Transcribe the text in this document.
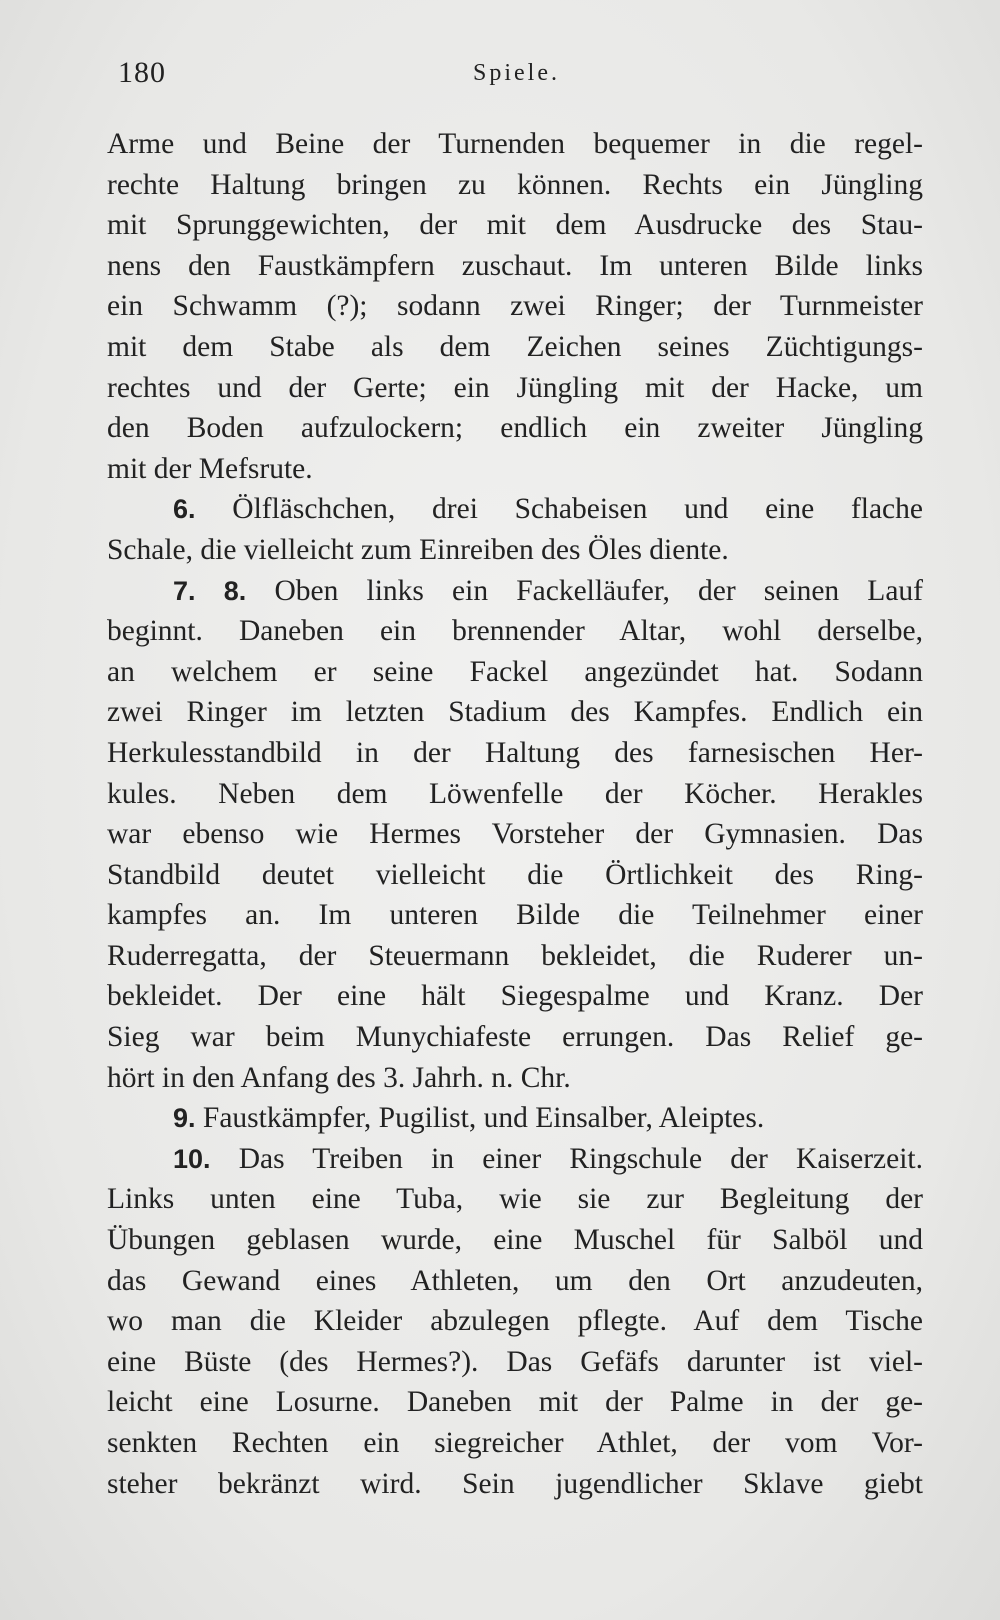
180	Spiele.
Arme und Beine der Turnenden bequemer in die regel-
rechte Haltung bringen zu können. Rechts ein Jüngling
mit Sprunggewichten, der mit dem Ausdrucke des Stau-
nens den Faustkämpfern zuschaut. Im unteren Bilde links
ein Schwamm (?); sodann zwei Ringer; der Turnmeister
mit dem Stabe als dem Zeichen seines Züchtigungs-
rechtes und der Gerte; ein Jüngling mit der Hacke, um
den Boden aufzulockern; endlich ein zweiter Jüngling
mit der Mefsrute.
6. Ölfläschchen, drei Schabeisen und eine flache
Schale, die vielleicht zum Einreiben des Öles diente.
7. 8. Oben links ein Fackelläufer, der seinen Lauf
beginnt. Daneben ein brennender Altar, wohl derselbe,
an welchem er seine Fackel angezündet hat. Sodann
zwei Ringer im letzten Stadium des Kampfes. Endlich ein
Herkulesstandbild in der Haltung des farnesischen Her-
kules. Neben dem Löwenfelle der Köcher. Herakles
war ebenso wie Hermes Vorsteher der Gymnasien. Das
Standbild deutet vielleicht die Örtlichkeit des Ring-
kampfes an. Im unteren Bilde die Teilnehmer einer
Ruderregatta, der Steuermann bekleidet, die Ruderer un-
bekleidet. Der eine hält Siegespalme und Kranz. Der
Sieg war beim Munychiafeste errungen. Das Relief ge-
hört in den Anfang des 3. Jahrh. n. Chr.
9. Faustkämpfer, Pugilist, und Einsalber, Aleiptes.
10. Das Treiben in einer Ringschule der Kaiserzeit.
Links unten eine Tuba, wie sie zur Begleitung der
Übungen geblasen wurde, eine Muschel für Salböl und
das Gewand eines Athleten, um den Ort anzudeuten,
wo man die Kleider abzulegen pflegte. Auf dem Tische
eine Büste (des Hermes?). Das Gefäfs darunter ist viel-
leicht eine Losurne. Daneben mit der Palme in der ge-
senkten Rechten ein siegreicher Athlet, der vom Vor-
steher bekränzt wird. Sein jugendlicher Sklave giebt
